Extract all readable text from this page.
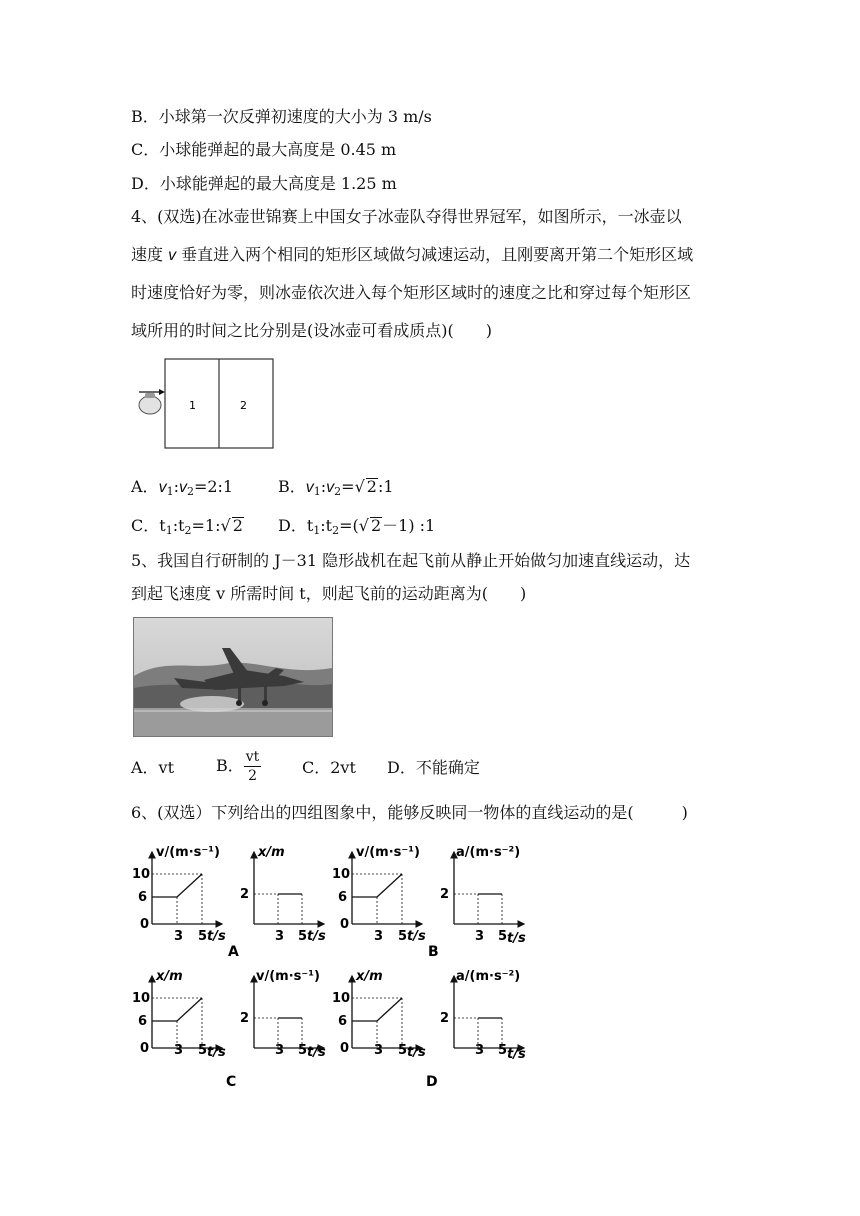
B．小球第一次反弹初速度的大小为 3 m/s
C．小球能弹起的最大高度是 0.45 m
D．小球能弹起的最大高度是 1.25 m
4、(双选)在冰壶世锦赛上中国女子冰壶队夺得世界冠军，如图所示，一冰壶以
速度 v 垂直进入两个相同的矩形区域做匀减速运动，且刚要离开第二个矩形区域
时速度恰好为零，则冰壶依次进入每个矩形区域时的速度之比和穿过每个矩形区
域所用的时间之比分别是(设冰壶可看成质点)(　　)
1	2
A．$v_1:v_2=2:1$	B．$v_1:v_2=√$ 2:1
C．$t_1:t_2=1:√$ 2 D．$t_1:t_2=(√$ 2－1) :1
5、我国自行研制的 J－31 隐形战机在起飞前从静止开始做匀加速直线运动，达
到起飞速度 v 所需时间 t，则起飞前的运动距离为(　　)
A．vt	B． $\frac{vt}{2}$	C．2vt D．不能确定
6、(双选）下列给出的四组图象中，能够反映同一物体的直线运动的是(　　　)
v/(m·s⁻¹)
10
6
0
3 5 t/s
x/m
2
3 5 t/s
A
v/(m·s⁻¹)
10
6
0
3 5 t/s
a/(m·s⁻²)
2
3 5 t/s
B
x/m
10
6
0 3 5 t/s
v/(m·s⁻¹)
2
3 5 t/s
C
x/m
10
6
0 3 5 t/s
a/(m·s⁻²)
2
3 5 t/s
D
